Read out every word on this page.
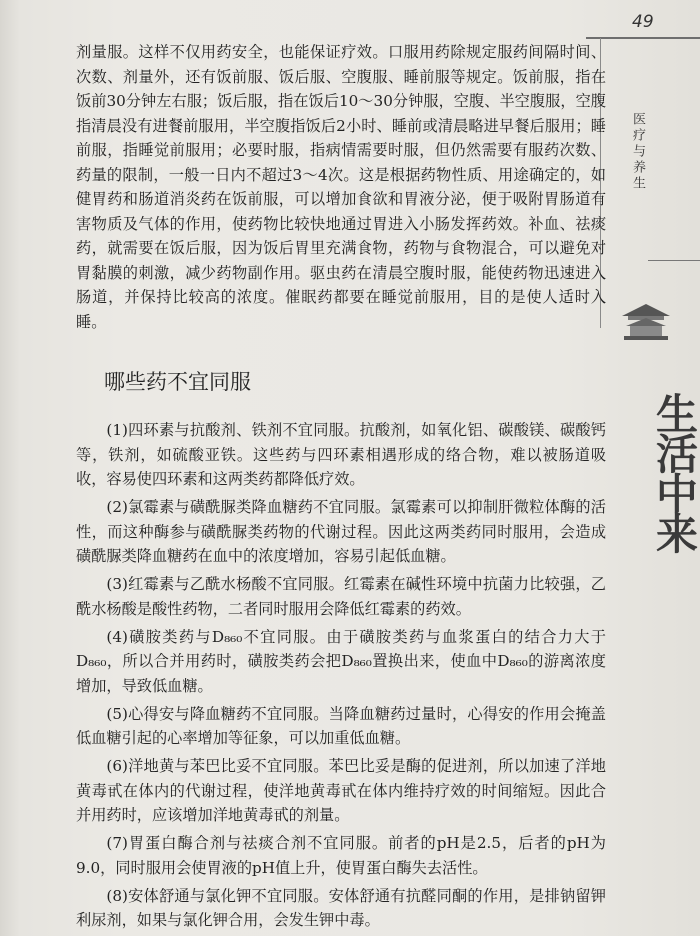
49
医疗与养生
生活中来

剂量服。这样不仅用药安全，也能保证疗效。口服用药除规定服药间隔时间、次数、剂量外，还有饭前服、饭后服、空腹服、睡前服等规定。饭前服，指在饭前30分钟左右服；饭后服，指在饭后10～30分钟服，空腹、半空腹服，空腹指清晨没有进餐前服用，半空腹指饭后2小时、睡前或清晨略进早餐后服用；睡前服，指睡觉前服用；必要时服，指病情需要时服，但仍然需要有服药次数、药量的限制，一般一日内不超过3～4次。这是根据药物性质、用途确定的，如健胃药和肠道消炎药在饭前服，可以增加食欲和胃液分泌，便于吸附胃肠道有害物质及气体的作用，使药物比较快地通过胃进入小肠发挥药效。补血、祛痰药，就需要在饭后服，因为饭后胃里充满食物，药物与食物混合，可以避免对胃黏膜的刺激，减少药物副作用。驱虫药在清晨空腹时服，能使药物迅速进入肠道，并保持比较高的浓度。催眠药都要在睡觉前服用，目的是使人适时入睡。

哪些药不宜同服

(1)四环素与抗酸剂、铁剂不宜同服。抗酸剂，如氧化铝、碳酸镁、碳酸钙等，铁剂，如硫酸亚铁。这些药与四环素相遇形成的络合物，难以被肠道吸收，容易使四环素和这两类药都降低疗效。

(2)氯霉素与磺酰脲类降血糖药不宜同服。氯霉素可以抑制肝微粒体酶的活性，而这种酶参与磺酰脲类药物的代谢过程。因此这两类药同时服用，会造成磺酰脲类降血糖药在血中的浓度增加，容易引起低血糖。

(3)红霉素与乙酰水杨酸不宜同服。红霉素在碱性环境中抗菌力比较强，乙酰水杨酸是酸性药物，二者同时服用会降低红霉素的药效。

(4)磺胺类药与D₈₆₀不宜同服。由于磺胺类药与血浆蛋白的结合力大于D₈₆₀，所以合并用药时，磺胺类药会把D₈₆₀置换出来，使血中D₈₆₀的游离浓度增加，导致低血糖。

(5)心得安与降血糖药不宜同服。当降血糖药过量时，心得安的作用会掩盖低血糖引起的心率增加等征象，可以加重低血糖。

(6)洋地黄与苯巴比妥不宜同服。苯巴比妥是酶的促进剂，所以加速了洋地黄毒甙在体内的代谢过程，使洋地黄毒甙在体内维持疗效的时间缩短。因此合并用药时，应该增加洋地黄毒甙的剂量。

(7)胃蛋白酶合剂与祛痰合剂不宜同服。前者的pH是2.5，后者的pH为9.0，同时服用会使胃液的pH值上升，使胃蛋白酶失去活性。

(8)安体舒通与氯化钾不宜同服。安体舒通有抗醛同酮的作用，是排钠留钾利尿剂，如果与氯化钾合用，会发生钾中毒。
